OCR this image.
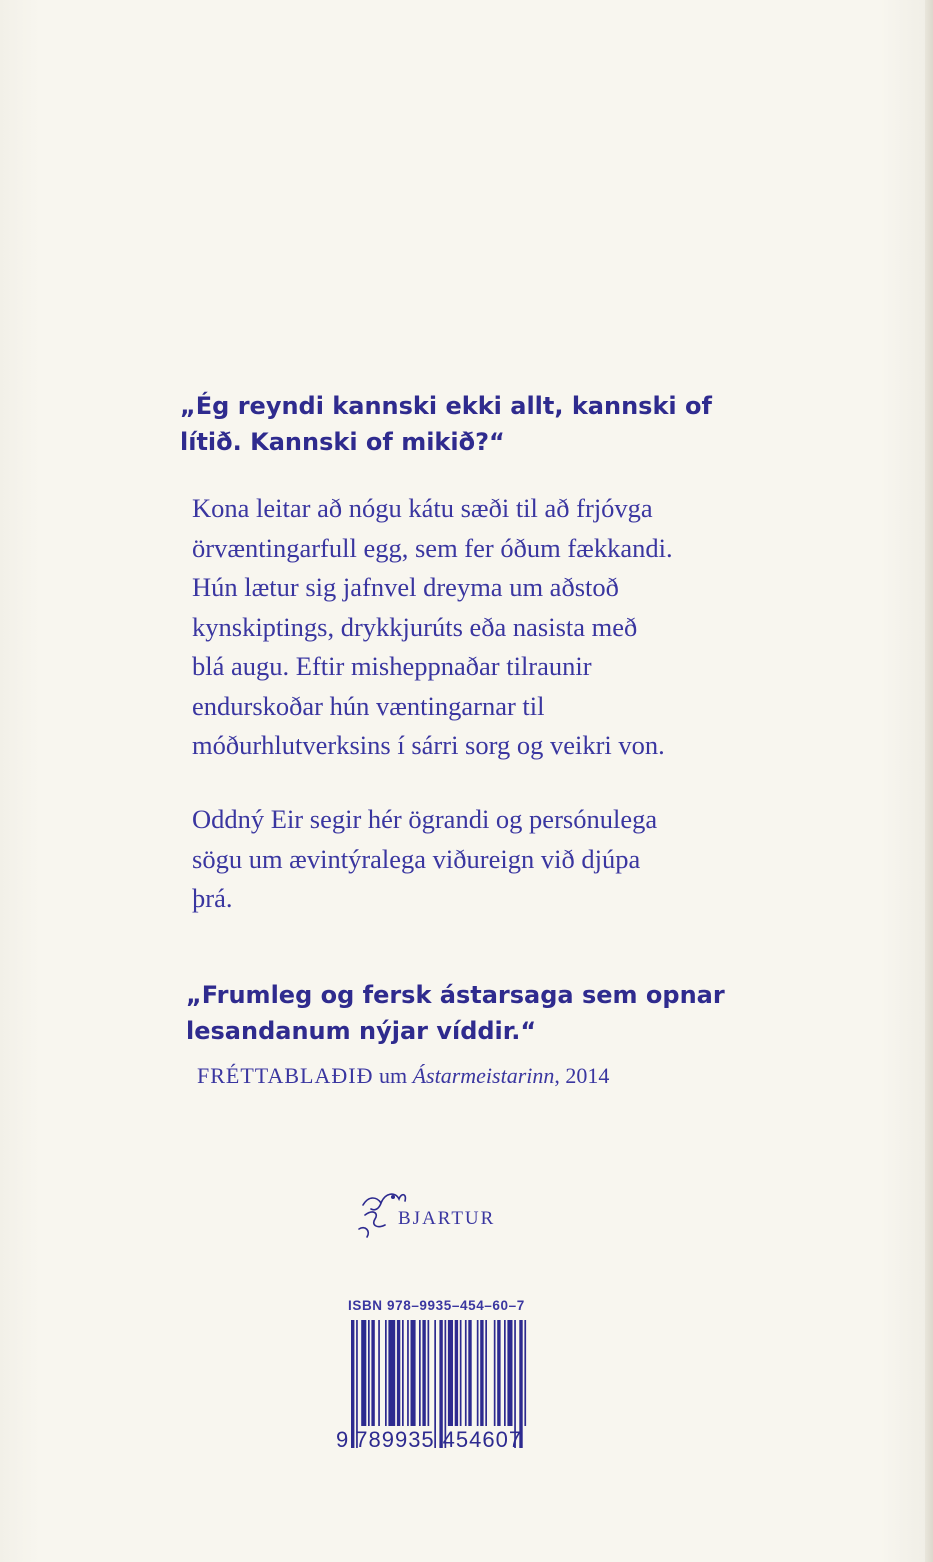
„Ég reyndi kannski ekki allt, kannski of
lítið. Kannski of mikið?“

Kona leitar að nógu kátu sæði til að frjóvga
örvæntingarfull egg, sem fer óðum fækkandi.
Hún lætur sig jafnvel dreyma um aðstoð
kynskiptings, drykkjurúts eða nasista með
blá augu. Eftir misheppnaðar tilraunir
endurskoðar hún væntingarnar til
móðurhlutverksins í sárri sorg og veikri von.

Oddný Eir segir hér ögrandi og persónulega
sögu um ævintýralega viðureign við djúpa
þrá.

„Frumleg og fersk ástarsaga sem opnar
lesandanum nýjar víddir.“

FRÉTTABLAÐIÐ um Ástarmeistarinn, 2014
BJARTUR
ISBN 978–9935–454–60–7
9 789935 454607
